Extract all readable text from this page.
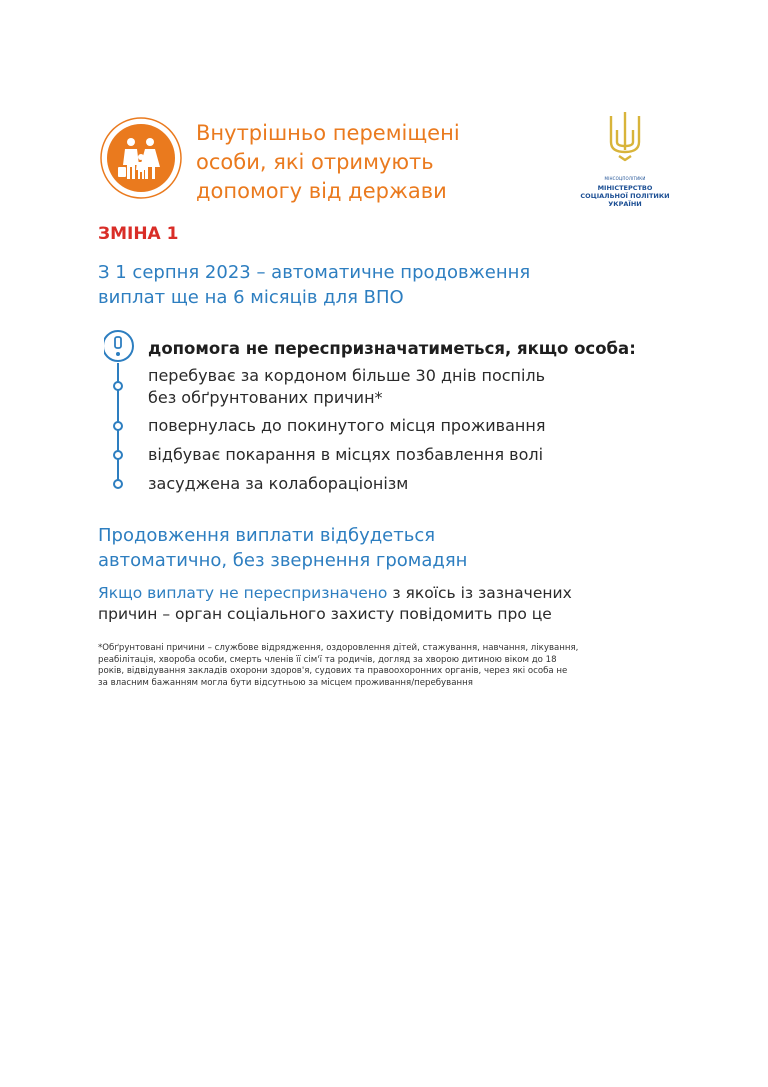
Внутрішньо переміщені
особи, які отримують
допомогу від держави
МІНСОЦПОЛІТИКИ
МІНІСТЕРСТВО
СОЦІАЛЬНОЇ ПОЛІТИКИ
УКРАЇНИ

ЗМІНА 1

З 1 серпня 2023 – автоматичне продовження
виплат ще на 6 місяців для ВПО

допомога не переспризначатиметься, якщо особа:

перебуває за кордоном більше 30 днів поспіль
без обґрунтованих причин*

повернулась до покинутого місця проживання

відбуває покарання в місцях позбавлення волі

засуджена за колабораціонізм

Продовження виплати відбудеться
автоматично, без звернення громадян

Якщо виплату не переспризначено з якоїсь із зазначених
причин – орган соціального захисту повідомить про це

*Обґрунтовані причини – службове відрядження, оздоровлення дітей, стажування, навчання, лікування,
реабілітація, хвороба особи, смерть членів її сім'ї та родичів, догляд за хворою дитиною віком до 18
років, відвідування закладів охорони здоров'я, судових та правоохоронних органів, через які особа не
за власним бажанням могла бути відсутньою за місцем проживання/перебування
